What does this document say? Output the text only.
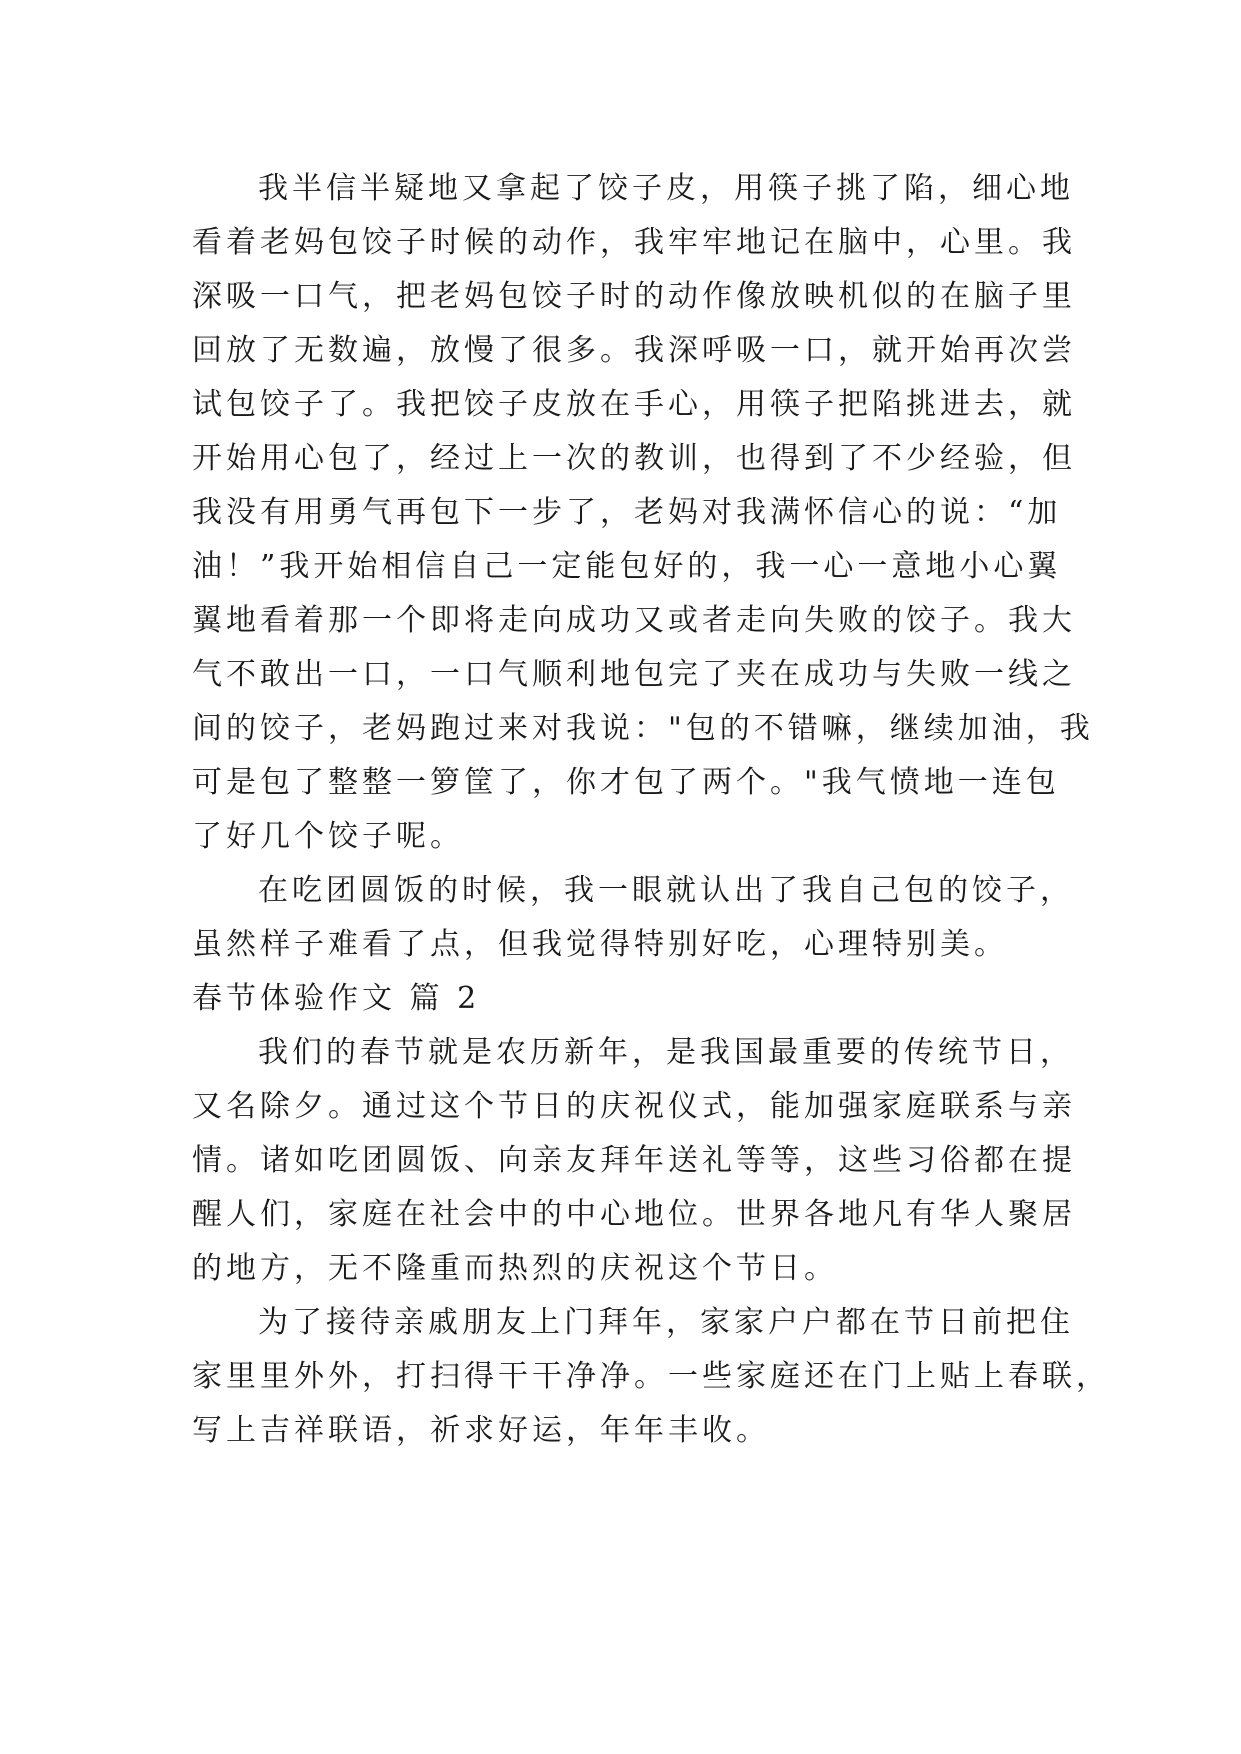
我半信半疑地又拿起了饺子皮，用筷子挑了陷，细心地
看着老妈包饺子时候的动作，我牢牢地记在脑中，心里。我
深吸一口气，把老妈包饺子时的动作像放映机似的在脑子里
回放了无数遍，放慢了很多。我深呼吸一口，就开始再次尝
试包饺子了。我把饺子皮放在手心，用筷子把陷挑进去，就
开始用心包了，经过上一次的教训，也得到了不少经验，但
我没有用勇气再包下一步了，老妈对我满怀信心的说：“加
油！”我开始相信自己一定能包好的，我一心一意地小心翼
翼地看着那一个即将走向成功又或者走向失败的饺子。我大
气不敢出一口，一口气顺利地包完了夹在成功与失败一线之
间的饺子，老妈跑过来对我说："包的不错嘛，继续加油，我
可是包了整整一箩筐了，你才包了两个。"我气愤地一连包
了好几个饺子呢。

在吃团圆饭的时候，我一眼就认出了我自己包的饺子，
虽然样子难看了点，但我觉得特别好吃，心理特别美。

春节体验作文 篇 2

我们的春节就是农历新年，是我国最重要的传统节日，
又名除夕。通过这个节日的庆祝仪式，能加强家庭联系与亲
情。诸如吃团圆饭、向亲友拜年送礼等等，这些习俗都在提
醒人们，家庭在社会中的中心地位。世界各地凡有华人聚居
的地方，无不隆重而热烈的庆祝这个节日。

为了接待亲戚朋友上门拜年，家家户户都在节日前把住
家里里外外，打扫得干干净净。一些家庭还在门上贴上春联，
写上吉祥联语，祈求好运，年年丰收。
